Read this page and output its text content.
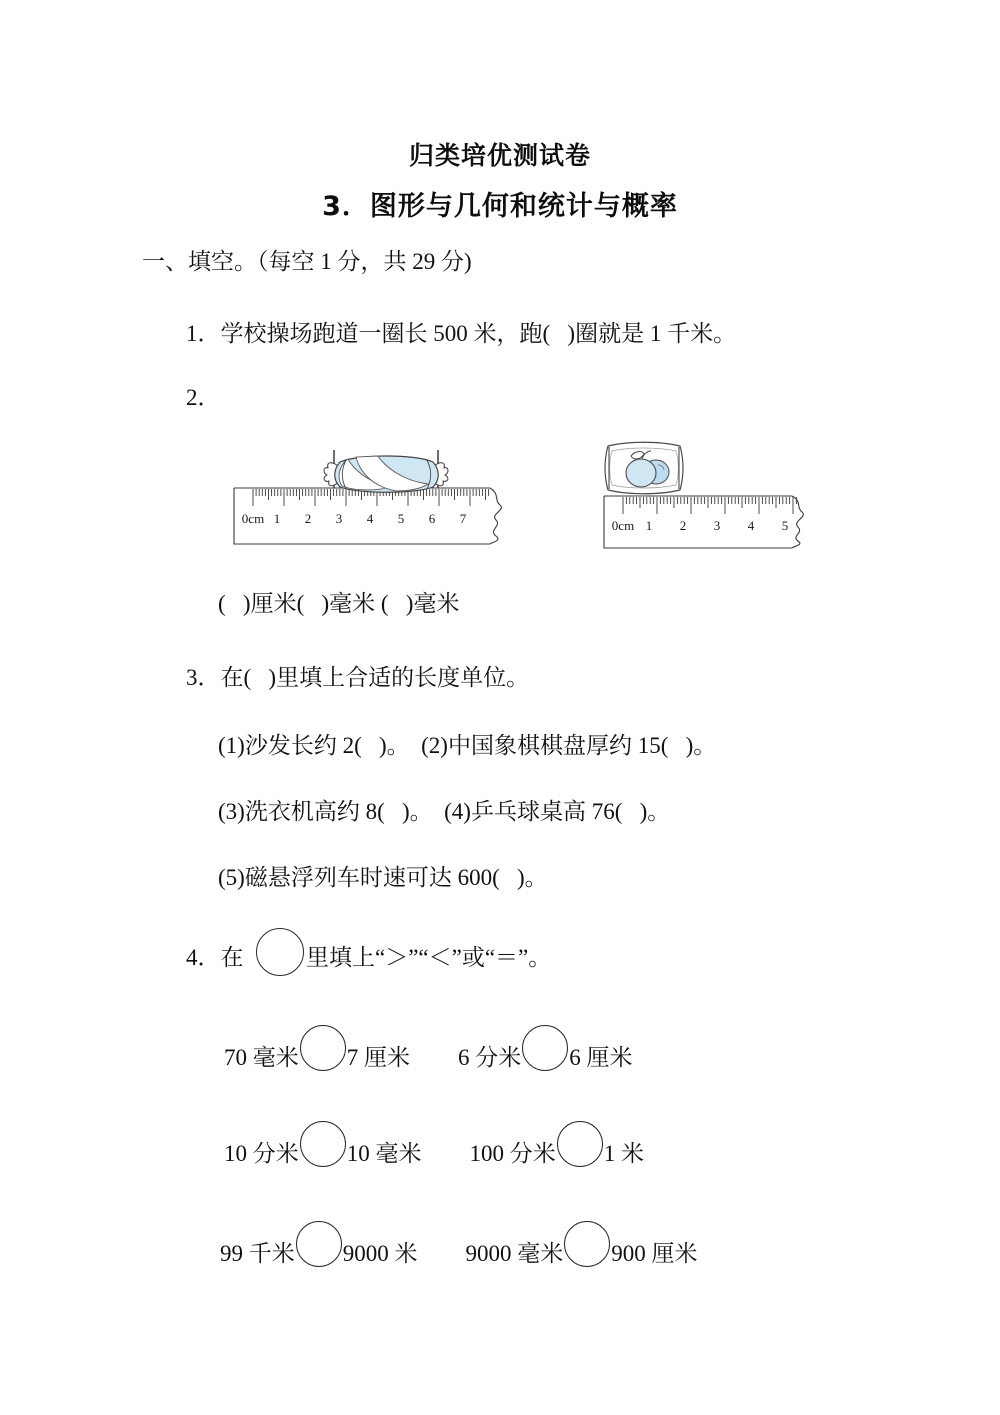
归类培优测试卷
3．图形与几何和统计与概率
一、填空。（每空 1 分，共 29 分)
1．学校操场跑道一圈长 500 米，跑(   )圈就是 1 千米。
2．
0cm 1 2 3 4 5 6 7	0cm 1 2 3 4 5
(   )厘米(   )毫米 (   )毫米
3．在(   )里填上合适的长度单位。
(1)沙发长约 2(   )。  (2)中国象棋棋盘厚约 15(   )。
(3)洗衣机高约 8(   )。  (4)乒乓球桌高 76(   )。
(5)磁悬浮列车时速可达 600(   )。
4．在	里填上“＞”“＜”或“＝”。
70 毫米 7 厘米 6 分米 6 厘米
10 分米 10 毫米 100 分米 1 米
99 千米 9000 米 9000 毫米 900 厘米
